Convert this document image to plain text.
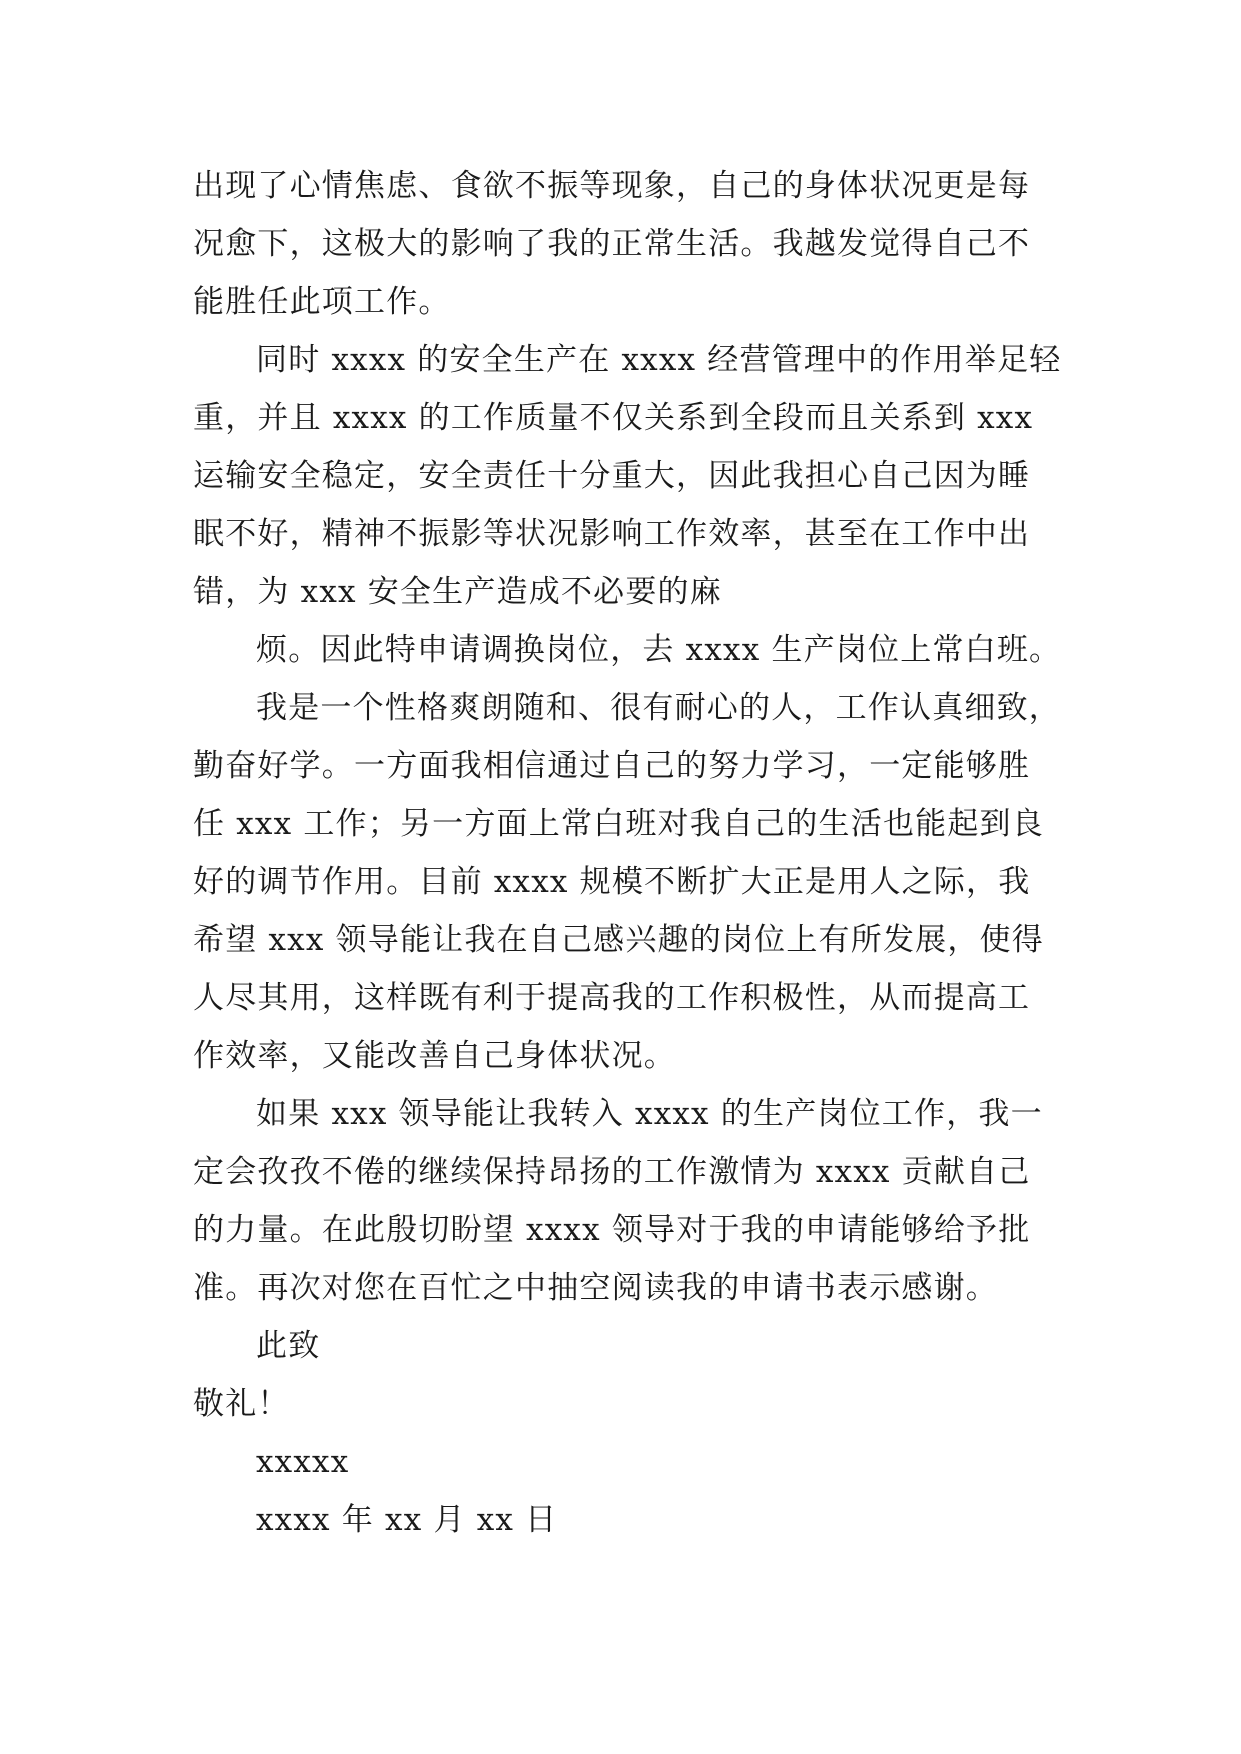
出现了心情焦虑、食欲不振等现象，自己的身体状况更是每
况愈下，这极大的影响了我的正常生活。我越发觉得自己不
能胜任此项工作。
同时 xxxx 的安全生产在 xxxx 经营管理中的作用举足轻
重，并且 xxxx 的工作质量不仅关系到全段而且关系到 xxx
运输安全稳定，安全责任十分重大，因此我担心自己因为睡
眠不好，精神不振影等状况影响工作效率，甚至在工作中出
错，为 xxx 安全生产造成不必要的麻
烦。因此特申请调换岗位，去 xxxx 生产岗位上常白班。
我是一个性格爽朗随和、很有耐心的人，工作认真细致，
勤奋好学。一方面我相信通过自己的努力学习，一定能够胜
任 xxx 工作；另一方面上常白班对我自己的生活也能起到良
好的调节作用。目前 xxxx 规模不断扩大正是用人之际，我
希望 xxx 领导能让我在自己感兴趣的岗位上有所发展，使得
人尽其用，这样既有利于提高我的工作积极性，从而提高工
作效率，又能改善自己身体状况。
如果 xxx 领导能让我转入 xxxx 的生产岗位工作，我一
定会孜孜不倦的继续保持昂扬的工作激情为 xxxx 贡献自己
的力量。在此殷切盼望 xxxx 领导对于我的申请能够给予批
准。再次对您在百忙之中抽空阅读我的申请书表示感谢。
此致
敬礼！
xxxxx
xxxx 年 xx 月 xx 日
